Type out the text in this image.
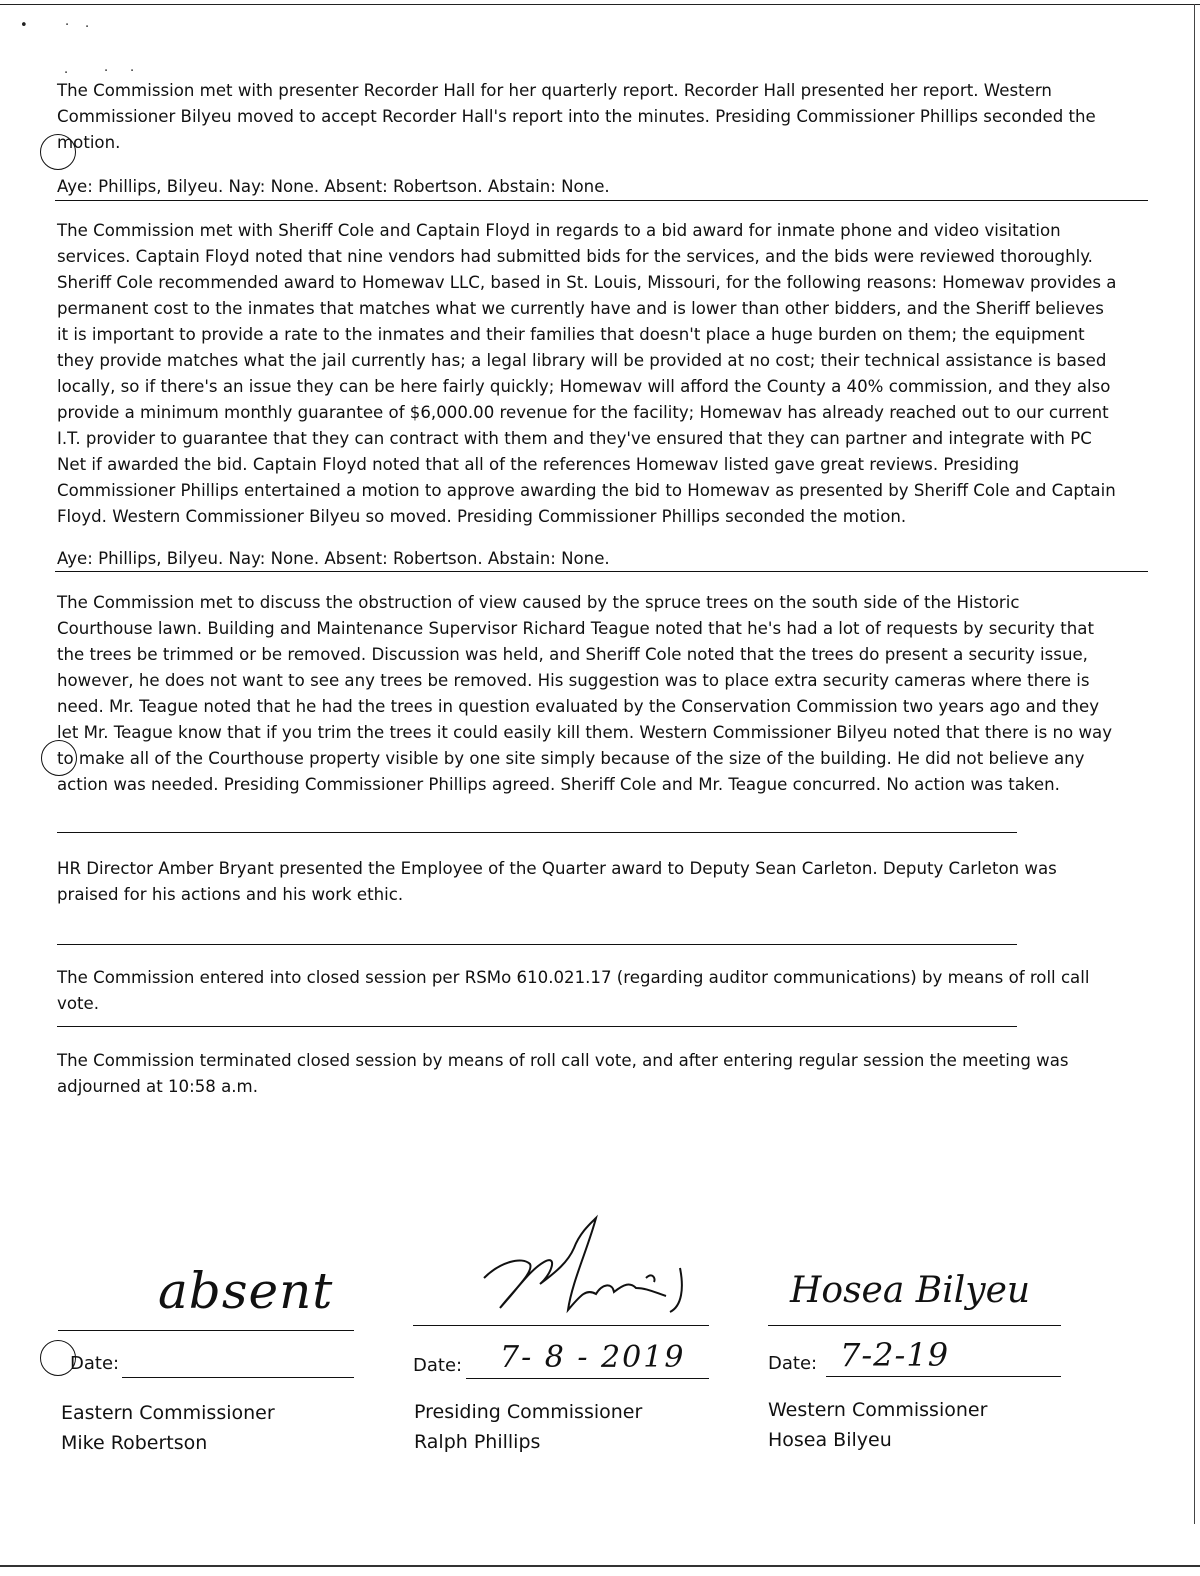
•	· ·
·	· ·

The Commission met with presenter Recorder Hall for her quarterly report. Recorder Hall presented her report. Western Commissioner Bilyeu moved to accept Recorder Hall's report into the minutes. Presiding Commissioner Phillips seconded the motion.

Aye: Phillips, Bilyeu. Nay: None. Absent: Robertson. Abstain: None.

The Commission met with Sheriff Cole and Captain Floyd in regards to a bid award for inmate phone and video visitation services. Captain Floyd noted that nine vendors had submitted bids for the services, and the bids were reviewed thoroughly. Sheriff Cole recommended award to Homewav LLC, based in St. Louis, Missouri, for the following reasons: Homewav provides a permanent cost to the inmates that matches what we currently have and is lower than other bidders, and the Sheriff believes it is important to provide a rate to the inmates and their families that doesn't place a huge burden on them; the equipment they provide matches what the jail currently has; a legal library will be provided at no cost; their technical assistance is based locally, so if there's an issue they can be here fairly quickly; Homewav will afford the County a 40% commission, and they also provide a minimum monthly guarantee of $6,000.00 revenue for the facility; Homewav has already reached out to our current I.T. provider to guarantee that they can contract with them and they've ensured that they can partner and integrate with PC Net if awarded the bid. Captain Floyd noted that all of the references Homewav listed gave great reviews. Presiding Commissioner Phillips entertained a motion to approve awarding the bid to Homewav as presented by Sheriff Cole and Captain Floyd. Western Commissioner Bilyeu so moved. Presiding Commissioner Phillips seconded the motion.

Aye: Phillips, Bilyeu. Nay: None. Absent: Robertson. Abstain: None.

The Commission met to discuss the obstruction of view caused by the spruce trees on the south side of the Historic Courthouse lawn. Building and Maintenance Supervisor Richard Teague noted that he's had a lot of requests by security that the trees be trimmed or be removed. Discussion was held, and Sheriff Cole noted that the trees do present a security issue, however, he does not want to see any trees be removed. His suggestion was to place extra security cameras where there is need. Mr. Teague noted that he had the trees in question evaluated by the Conservation Commission two years ago and they let Mr. Teague know that if you trim the trees it could easily kill them. Western Commissioner Bilyeu noted that there is no way to make all of the Courthouse property visible by one site simply because of the size of the building. He did not believe any action was needed. Presiding Commissioner Phillips agreed. Sheriff Cole and Mr. Teague concurred. No action was taken.

HR Director Amber Bryant presented the Employee of the Quarter award to Deputy Sean Carleton. Deputy Carleton was praised for his actions and his work ethic.

The Commission entered into closed session per RSMo 610.021.17 (regarding auditor communications) by means of roll call vote.

The Commission terminated closed session by means of roll call vote, and after entering regular session the meeting was adjourned at 10:58 a.m.

absent
Date:
Eastern Commissioner
Mike Robertson
Date: 7- 8 - 2019
Presiding Commissioner
Ralph Phillips
Hosea Bilyeu
Date: 7-2-19
Western Commissioner
Hosea Bilyeu
